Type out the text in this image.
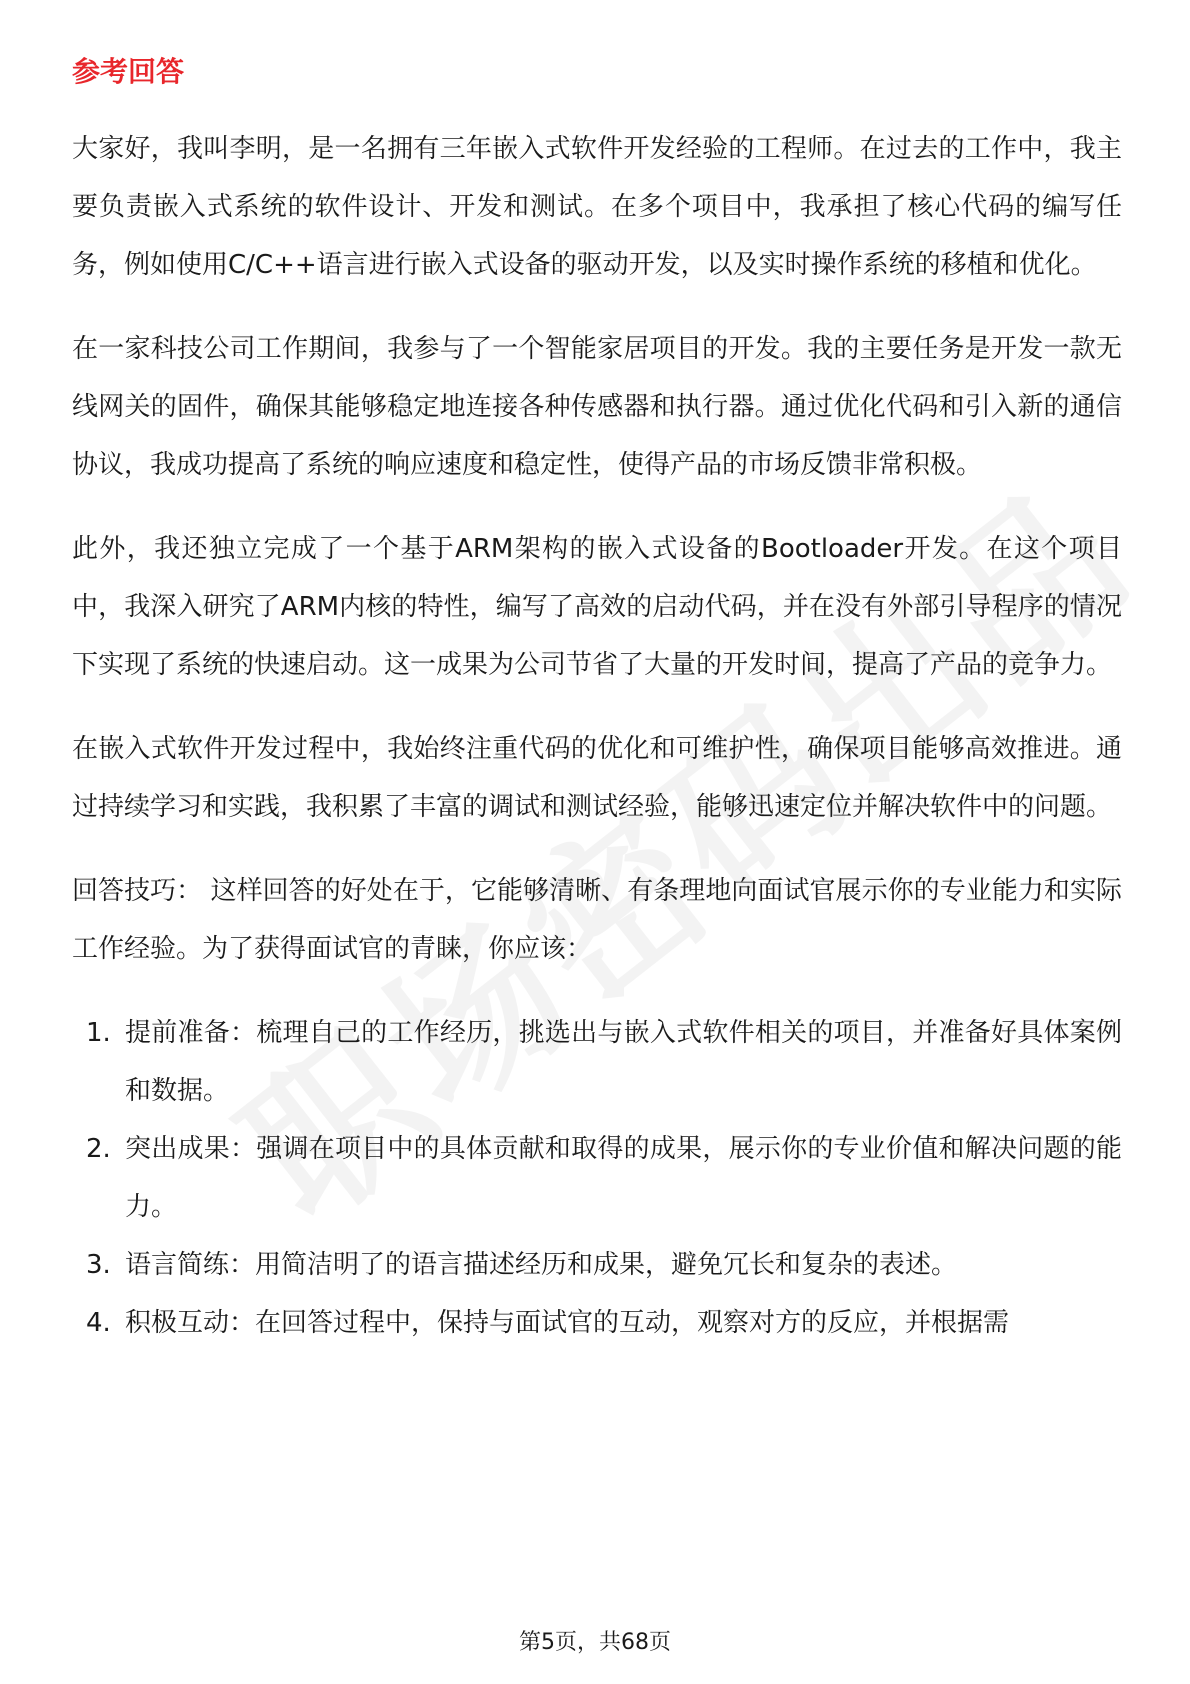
参考回答

大家好，我叫李明，是一名拥有三年嵌入式软件开发经验的工程师。在过去的工作中，我主要负责嵌入式系统的软件设计、开发和测试。在多个项目中，我承担了核心代码的编写任务，例如使用C/C++语言进行嵌入式设备的驱动开发，以及实时操作系统的移植和优化。

在一家科技公司工作期间，我参与了一个智能家居项目的开发。我的主要任务是开发一款无线网关的固件，确保其能够稳定地连接各种传感器和执行器。通过优化代码和引入新的通信协议，我成功提高了系统的响应速度和稳定性，使得产品的市场反馈非常积极。

此外，我还独立完成了一个基于ARM架构的嵌入式设备的Bootloader开发。在这个项目中，我深入研究了ARM内核的特性，编写了高效的启动代码，并在没有外部引导程序的情况下实现了系统的快速启动。这一成果为公司节省了大量的开发时间，提高了产品的竞争力。

在嵌入式软件开发过程中，我始终注重代码的优化和可维护性，确保项目能够高效推进。通过持续学习和实践，我积累了丰富的调试和测试经验，能够迅速定位并解决软件中的问题。

回答技巧： 这样回答的好处在于，它能够清晰、有条理地向面试官展示你的专业能力和实际工作经验。为了获得面试官的青睐，你应该：

1. 提前准备：梳理自己的工作经历，挑选出与嵌入式软件相关的项目，并准备好具体案例和数据。
2. 突出成果：强调在项目中的具体贡献和取得的成果，展示你的专业价值和解决问题的能力。
3. 语言简练：用简洁明了的语言描述经历和成果，避免冗长和复杂的表述。
4. 积极互动：在回答过程中，保持与面试官的互动，观察对方的反应，并根据需
第5页，共68页
